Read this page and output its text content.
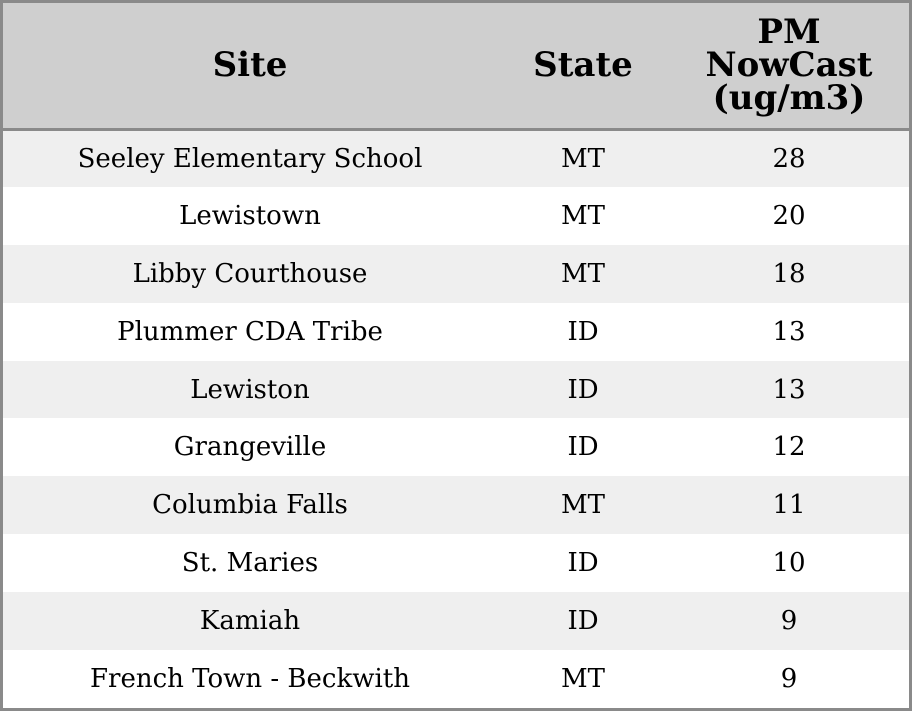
Site	State	PM NowCast (ug/m3)

Seeley Elementary School	MT	28
Lewistown	MT	20
Libby Courthouse	MT	18
Plummer CDA Tribe	ID	13
Lewiston	ID	13
Grangeville	ID	12
Columbia Falls	MT	11
St. Maries	ID	10
Kamiah	ID	9
French Town - Beckwith	MT	9
